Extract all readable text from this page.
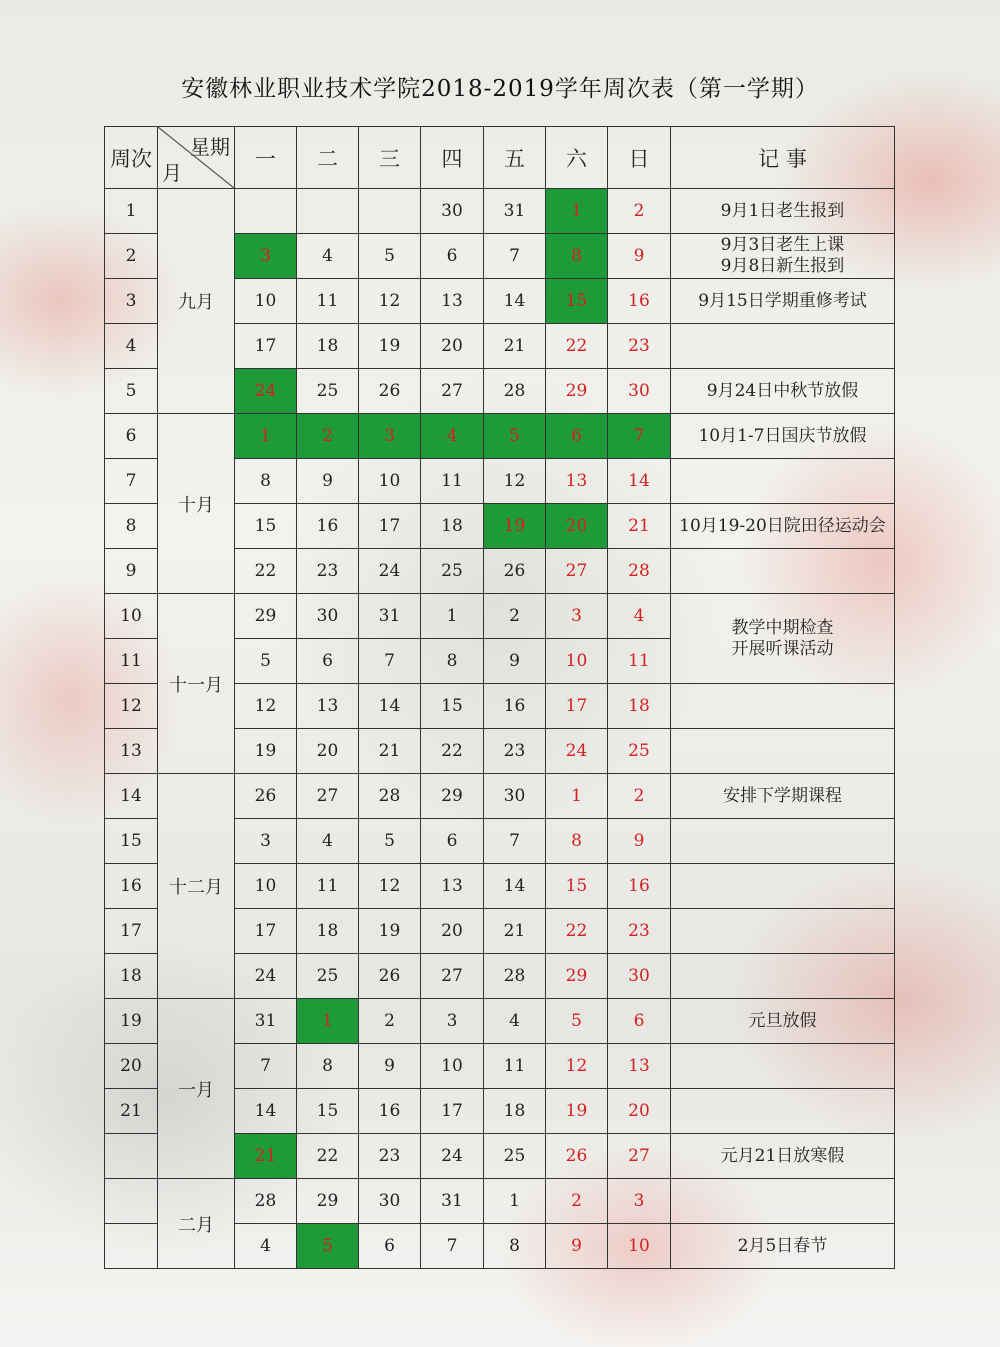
安徽林业职业技术学院2018-2019学年周次表（第一学期）
周次	星期
月	一	二	三	四	五	六	日	记 事
1	九月				30	31	1	2	9月1日老生报到

2		3	4	5	6	7	8	9	9月3日老生上课
9月8日新生报到

3		10	11	12	13	14	15	16	9月15日学期重修考试

4		17	18	19	20	21	22	23	
5		24	25	26	27	28	29	30	9月24日中秋节放假

6	十月	1	2	3	4	5	6	7	10月1-7日国庆节放假

7		8	9	10	11	12	13	14	
8		15	16	17	18	19	20	21	10月19-20日院田径运动会

9		22	23	24	25	26	27	28	
10	十一月	29	30	31	1	2	3	4	教学中期检查
开展听课活动

11		5	6	7	8	9	10	11	
12		12	13	14	15	16	17	18	
13		19	20	21	22	23	24	25	
14	十二月	26	27	28	29	30	1	2	安排下学期课程

15		3	4	5	6	7	8	9	
16		10	11	12	13	14	15	16	
17		17	18	19	20	21	22	23	
18		24	25	26	27	28	29	30	
19	一月	31	1	2	3	4	5	6	元旦放假

20		7	8	9	10	11	12	13	
21		14	15	16	17	18	19	20	
		21	22	23	24	25	26	27	元月21日放寒假

	二月	28	29	30	31	1	2	3	
		4	5	6	7	8	9	10	2月5日春节
